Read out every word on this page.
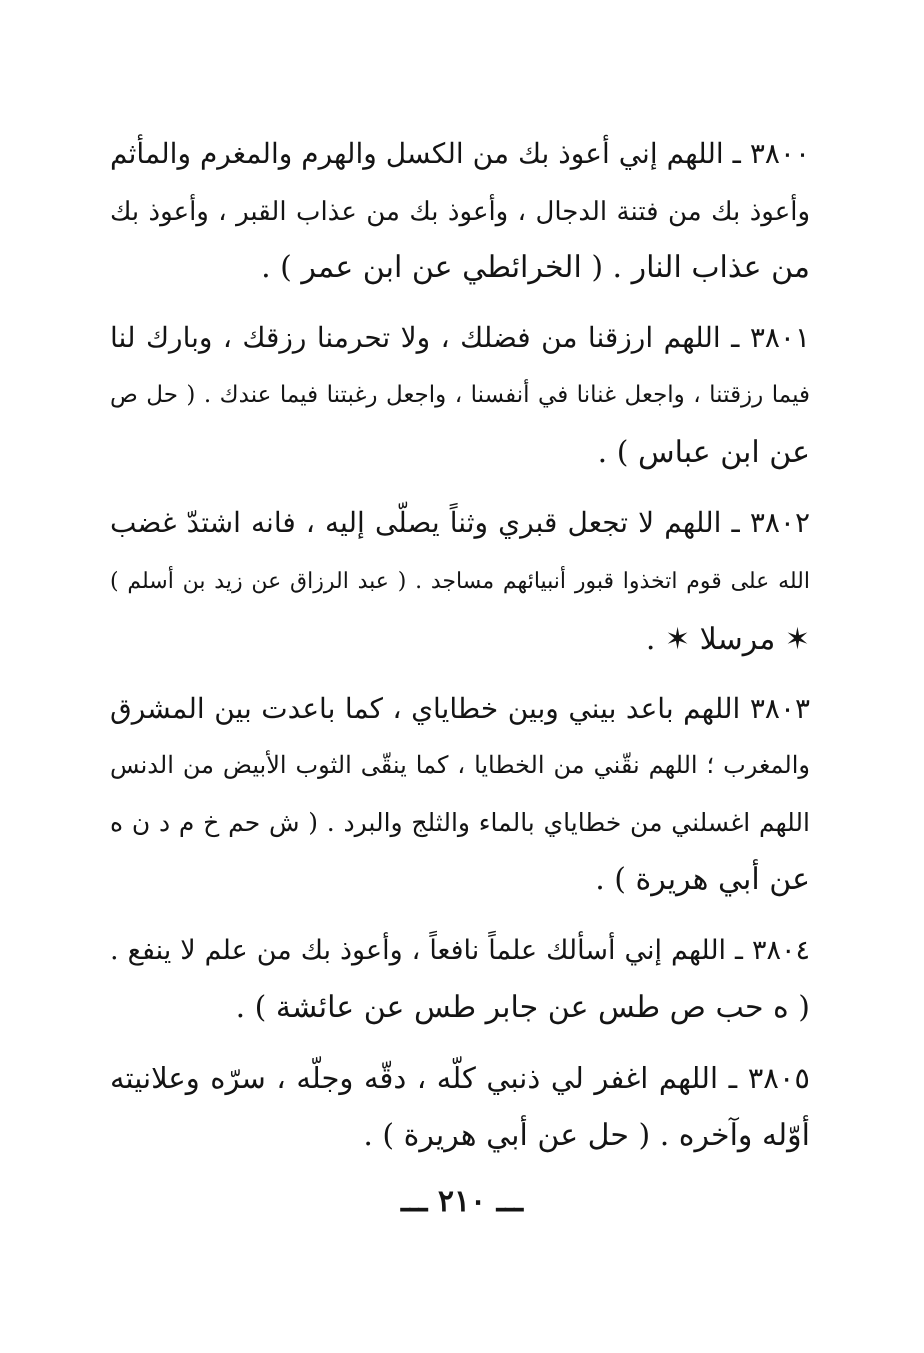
٣٨٠٠ ـ اللهم إني أعوذ بك من الكسل والهرم والمغرم والمأثم
وأعوذ بك من فتنة الدجال ، وأعوذ بك من عذاب القبر ، وأعوذ بك
من عذاب النار . ( الخرائطي عن ابن عمر ) .
٣٨٠١ ـ اللهم ارزقنا من فضلك ، ولا تحرمنا رزقك ، وبارك لنا
فيما رزقتنا ، واجعل غنانا في أنفسنا ، واجعل رغبتنا فيما عندك . ( حل ص
عن ابن عباس ) .
٣٨٠٢ ـ اللهم لا تجعل قبري وثناً يصلّى إليه ، فانه اشتدّ غضب
الله على قوم اتخذوا قبور أنبيائهم مساجد . ( عبد الرزاق عن زيد بن أسلم )
✶ مرسلا ✶ .
٣٨٠٣ اللهم باعد بيني وبين خطاياي ، كما باعدت بين المشرق
والمغرب ؛ اللهم نقّني من الخطايا ، كما ينقّى الثوب الأبيض من الدنس
اللهم اغسلني من خطاياي بالماء والثلج والبرد . ( ش حم خ م د ن ه
عن أبي هريرة ) .
٣٨٠٤ ـ اللهم إني أسألك علماً نافعاً ، وأعوذ بك من علم لا ينفع .
( ه حب ص طس عن جابر طس عن عائشة ) .
٣٨٠٥ ـ اللهم اغفر لي ذنبي كلّه ، دقّه وجلّه ، سرّه وعلانيته
أوّله وآخره . ( حل عن أبي هريرة ) .
ـــ ٢١٠ ـــ
